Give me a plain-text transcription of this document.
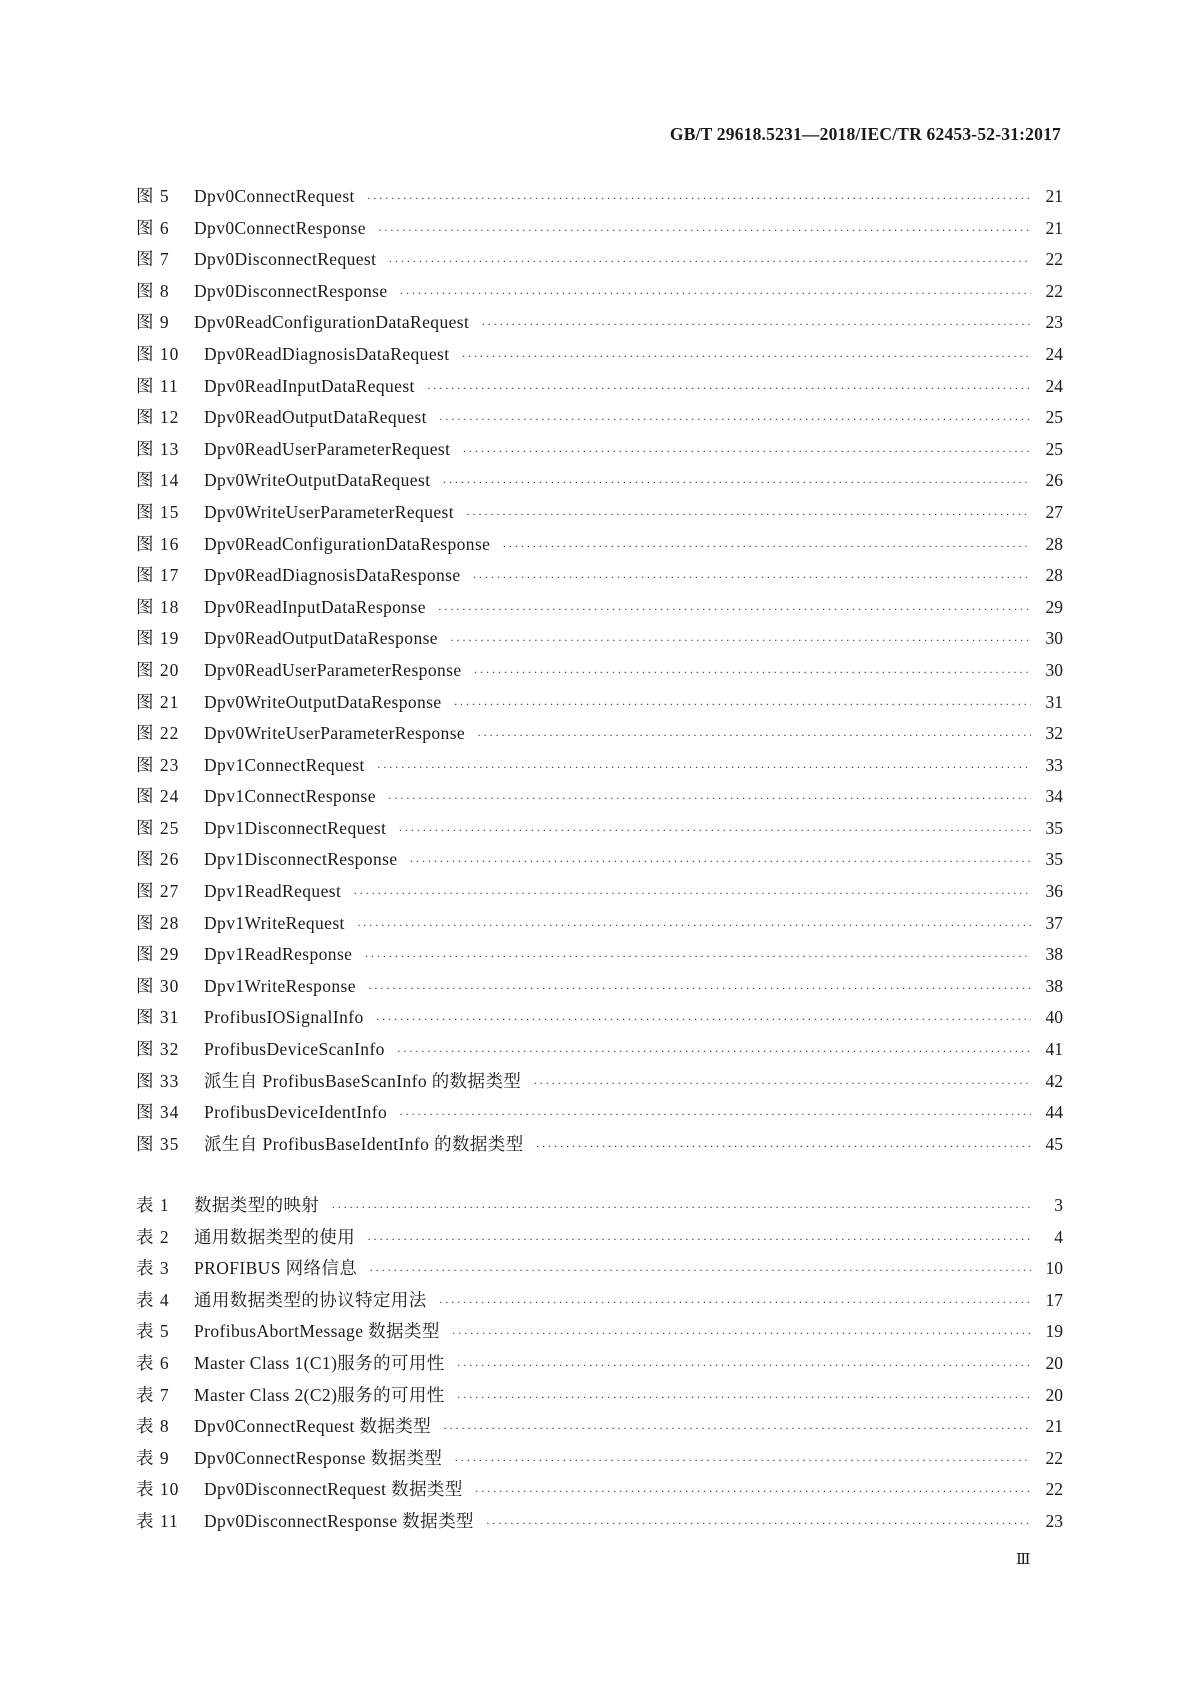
GB/T 29618.5231—2018/IEC/TR 62453-52-31:2017
图 5	Dpv0ConnectRequest ·····	21
图 6	Dpv0ConnectResponse ·····	21
图 7	Dpv0DisconnectRequest ·····	22
图 8	Dpv0DisconnectResponse ·····	22
图 9	Dpv0ReadConfigurationDataRequest ·····	23
图 10	Dpv0ReadDiagnosisDataRequest ·····	24
图 11	Dpv0ReadInputDataRequest ·····	24
图 12	Dpv0ReadOutputDataRequest ·····	25
图 13	Dpv0ReadUserParameterRequest ·····	25
图 14	Dpv0WriteOutputDataRequest ·····	26
图 15	Dpv0WriteUserParameterRequest ·····	27
图 16	Dpv0ReadConfigurationDataResponse ·····	28
图 17	Dpv0ReadDiagnosisDataResponse ·····	28
图 18	Dpv0ReadInputDataResponse ·····	29
图 19	Dpv0ReadOutputDataResponse ·····	30
图 20	Dpv0ReadUserParameterResponse ·····	30
图 21	Dpv0WriteOutputDataResponse ·····	31
图 22	Dpv0WriteUserParameterResponse ·····	32
图 23	Dpv1ConnectRequest ·····	33
图 24	Dpv1ConnectResponse ·····	34
图 25	Dpv1DisconnectRequest ·····	35
图 26	Dpv1DisconnectResponse ·····	35
图 27	Dpv1ReadRequest ·····	36
图 28	Dpv1WriteRequest ·····	37
图 29	Dpv1ReadResponse ·····	38
图 30	Dpv1WriteResponse ·····	38
图 31	ProfibusIOSignalInfo ·····	40
图 32	ProfibusDeviceScanInfo ·····	41
图 33	派生自 ProfibusBaseScanInfo 的数据类型 ·····	42
图 34	ProfibusDeviceIdentInfo ·····	44
图 35	派生自 ProfibusBaseIdentInfo 的数据类型 ·····	45
表 1	数据类型的映射 ·····	3
表 2	通用数据类型的使用 ·····	4
表 3	PROFIBUS 网络信息 ·····	10
表 4	通用数据类型的协议特定用法 ·····	17
表 5	ProfibusAbortMessage 数据类型 ·····	19
表 6	Master Class 1(C1)服务的可用性 ·····	20
表 7	Master Class 2(C2)服务的可用性 ·····	20
表 8	Dpv0ConnectRequest 数据类型 ·····	21
表 9	Dpv0ConnectResponse 数据类型 ·····	22
表 10	Dpv0DisconnectRequest 数据类型 ·····	22
表 11	Dpv0DisconnectResponse 数据类型 ·····	23
Ⅲ
